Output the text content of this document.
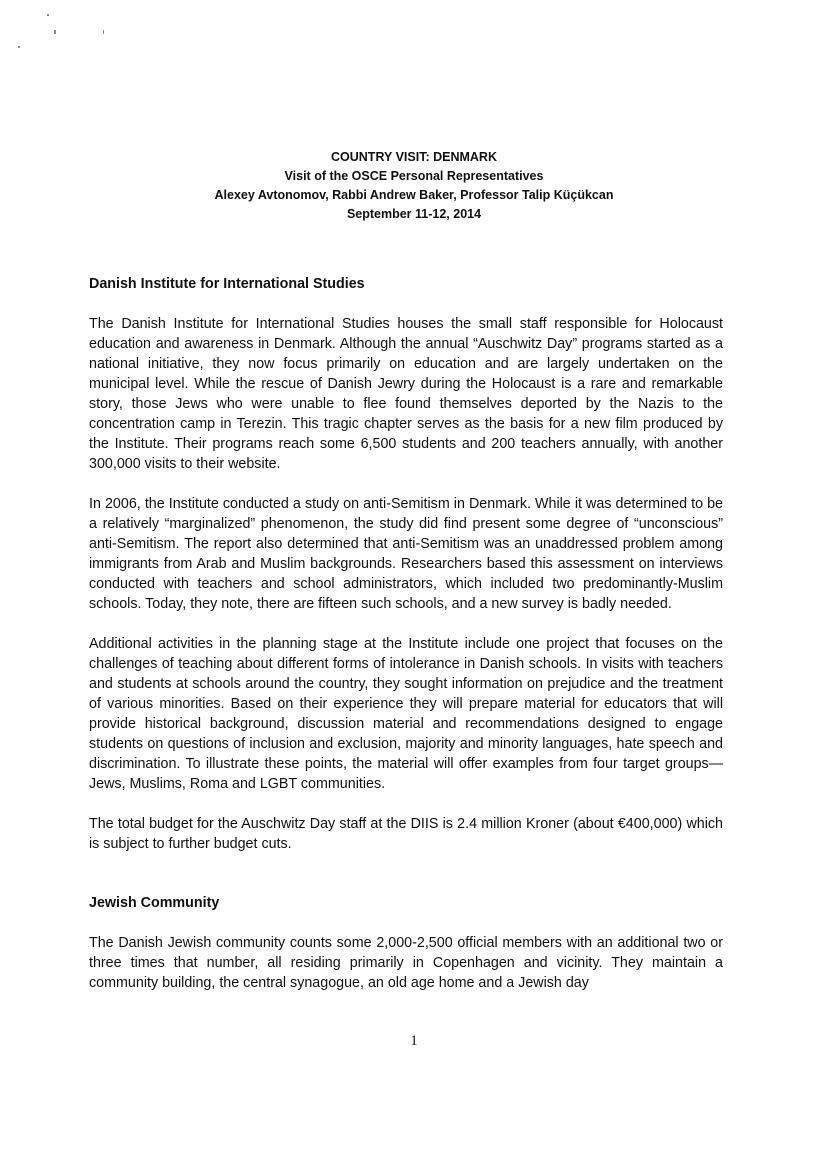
COUNTRY VISIT: DENMARK
Visit of the OSCE Personal Representatives
Alexey Avtonomov, Rabbi Andrew Baker, Professor Talip Küçükcan
September 11-12, 2014

Danish Institute for International Studies

The Danish Institute for International Studies houses the small staff responsible for Holocaust education and awareness in Denmark. Although the annual “Auschwitz Day” programs started as a national initiative, they now focus primarily on education and are largely undertaken on the municipal level. While the rescue of Danish Jewry during the Holocaust is a rare and remarkable story, those Jews who were unable to flee found themselves deported by the Nazis to the concentration camp in Terezin. This tragic chapter serves as the basis for a new film produced by the Institute. Their programs reach some 6,500 students and 200 teachers annually, with another 300,000 visits to their website.

In 2006, the Institute conducted a study on anti-Semitism in Denmark. While it was determined to be a relatively “marginalized” phenomenon, the study did find present some degree of “unconscious” anti-Semitism. The report also determined that anti-Semitism was an unaddressed problem among immigrants from Arab and Muslim backgrounds. Researchers based this assessment on interviews conducted with teachers and school administrators, which included two predominantly-Muslim schools. Today, they note, there are fifteen such schools, and a new survey is badly needed.

Additional activities in the planning stage at the Institute include one project that focuses on the challenges of teaching about different forms of intolerance in Danish schools. In visits with teachers and students at schools around the country, they sought information on prejudice and the treatment of various minorities. Based on their experience they will prepare material for educators that will provide historical background, discussion material and recommendations designed to engage students on questions of inclusion and exclusion, majority and minority languages, hate speech and discrimination. To illustrate these points, the material will offer examples from four target groups—Jews, Muslims, Roma and LGBT communities.

The total budget for the Auschwitz Day staff at the DIIS is 2.4 million Kroner (about €400,000) which is subject to further budget cuts.

Jewish Community

The Danish Jewish community counts some 2,000-2,500 official members with an additional two or three times that number, all residing primarily in Copenhagen and vicinity. They maintain a community building, the central synagogue, an old age home and a Jewish day

1
